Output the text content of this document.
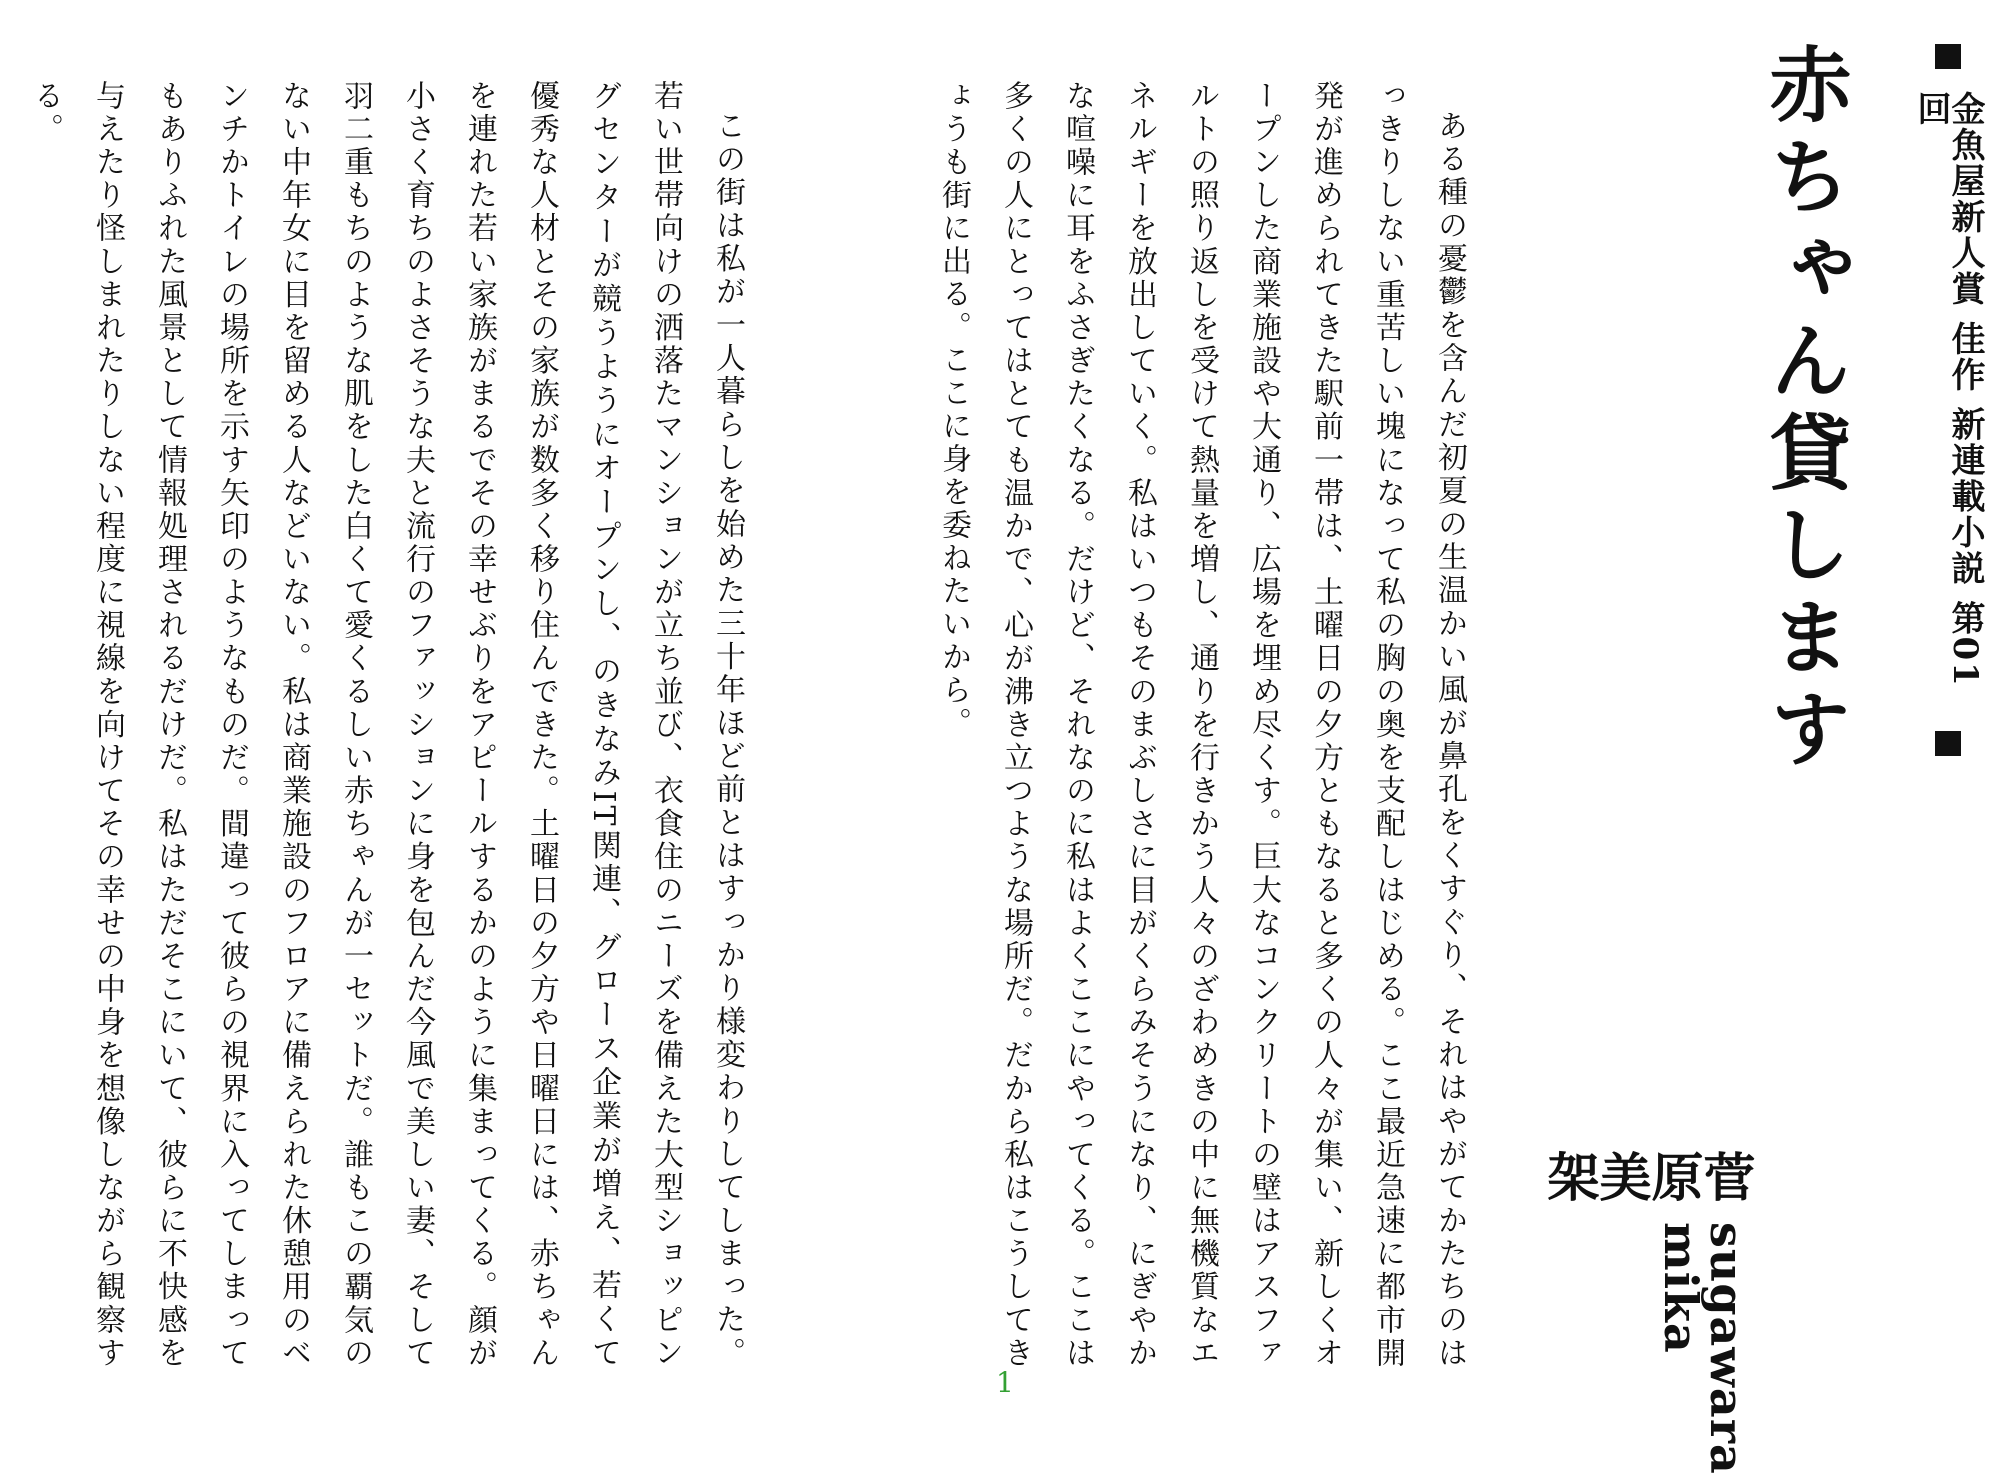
金魚屋新人賞 佳作 新連載小説 第01回
赤ちゃん貸します
菅原美架
sugawara mika

ある種の憂鬱を含んだ初夏の生温かい風が鼻孔をくすぐり、それはやがてかたちのはっきりしない重苦しい塊になって私の胸の奥を支配しはじめる。ここ最近急速に都市開発が進められてきた駅前一帯は、土曜日の夕方ともなると多くの人々が集い、新しくオープンした商業施設や大通り、広場を埋め尽くす。巨大なコンクリートの壁はアスファルトの照り返しを受けて熱量を増し、通りを行きかう人々のざわめきの中に無機質なエネルギーを放出していく。私はいつもそのまぶしさに目がくらみそうになり、にぎやかな喧噪に耳をふさぎたくなる。だけど、それなのに私はよくここにやってくる。ここは多くの人にとってはとても温かで、心が沸き立つような場所だ。だから私はこうしてきょうも街に出る。ここに身を委ねたいから。

この街は私が一人暮らしを始めた三十年ほど前とはすっかり様変わりしてしまった。若い世帯向けの洒落たマンションが立ち並び、衣食住のニーズを備えた大型ショッピングセンターが競うようにオープンし、のきなみIT関連、グロース企業が増え、若くて優秀な人材とその家族が数多く移り住んできた。土曜日の夕方や日曜日には、赤ちゃんを連れた若い家族がまるでその幸せぶりをアピールするかのように集まってくる。顔が小さく育ちのよさそうな夫と流行のファッションに身を包んだ今風で美しい妻、そして羽二重もちのような肌をした白くて愛くるしい赤ちゃんが一セットだ。誰もこの覇気のない中年女に目を留める人などいない。私は商業施設のフロアに備えられた休憩用のベンチかトイレの場所を示す矢印のようなものだ。間違って彼らの視界に入ってしまってもありふれた風景として情報処理されるだけだ。私はただそこにいて、彼らに不快感を与えたり怪しまれたりしない程度に視線を向けてその幸せの中身を想像しながら観察する。

1
